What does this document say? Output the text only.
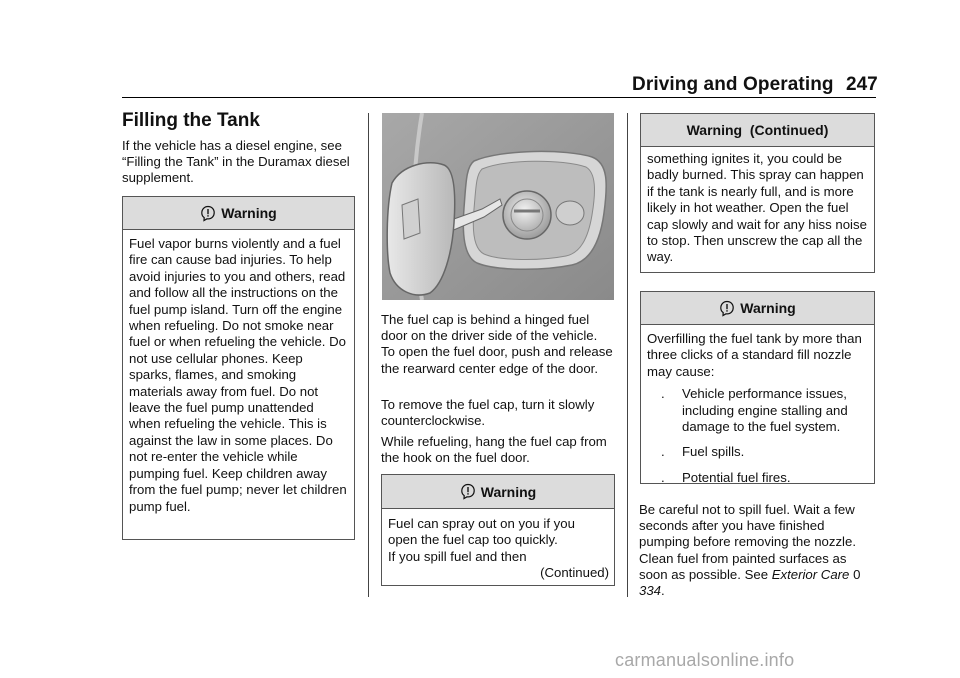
Driving and Operating 247
Filling the Tank
If the vehicle has a diesel engine, see “Filling the Tank” in the Duramax diesel supplement.
Warning

Fuel vapor burns violently and a fuel fire can cause bad injuries. To help avoid injuries to you and others, read and follow all the instructions on the fuel pump island. Turn off the engine when refueling. Do not smoke near fuel or when refueling the vehicle. Do not use cellular phones. Keep sparks, flames, and smoking materials away from fuel. Do not leave the fuel pump unattended when refueling the vehicle. This is against the law in some places. Do not re-enter the vehicle while pumping fuel. Keep children away from the fuel pump; never let children pump fuel.

The fuel cap is behind a hinged fuel door on the driver side of the vehicle. To open the fuel door, push and release the rearward center edge of the door.
To remove the fuel cap, turn it slowly counterclockwise.
While refueling, hang the fuel cap from the hook on the fuel door.
Warning

Fuel can spray out on you if you

open the fuel cap too quickly.

If you spill fuel and then

(Continued)

Warning  (Continued)

something ignites it, you could be badly burned. This spray can happen if the tank is nearly full, and is more likely in hot weather. Open the fuel cap slowly and wait for any hiss noise to stop. Then unscrew the cap all the way.

Warning

Overfilling the fuel tank by more than three clicks of a standard fill nozzle may cause:

. Vehicle performance issues, including engine stalling and damage to the fuel system.
. Fuel spills.
. Potential fuel fires.
Be careful not to spill fuel. Wait a few seconds after you have finished pumping before removing the nozzle. Clean fuel from painted surfaces as soon as possible. See Exterior Care 0 334.
carmanualsonline.info
